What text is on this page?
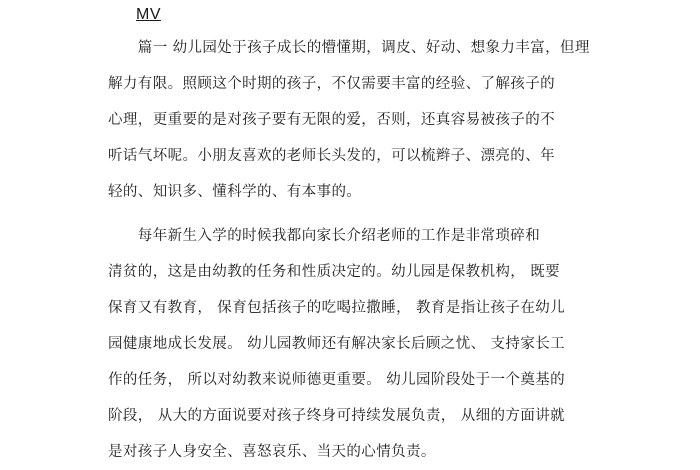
MV
　　篇一 幼儿园处于孩子成长的懵懂期，调皮、好动、想象力丰富，但理
解力有限。照顾这个时期的孩子，不仅需要丰富的经验、了解孩子的
心理，更重要的是对孩子要有无限的爱，否则，还真容易被孩子的不
听话气坏呢。小朋友喜欢的老师长头发的，可以梳辫子、漂亮的、年
轻的、知识多、懂科学的、有本事的。
　　每年新生入学的时候我都向家长介绍老师的工作是非常琐碎和
清贫的，这是由幼教的任务和性质决定的。幼儿园是保教机构， 既要
保育又有教育， 保育包括孩子的吃喝拉撒睡， 教育是指让孩子在幼儿
园健康地成长发展。 幼儿园教师还有解决家长后顾之忧、 支持家长工
作的任务， 所以对幼教来说师德更重要。 幼儿园阶段处于一个奠基的
阶段， 从大的方面说要对孩子终身可持续发展负责， 从细的方面讲就
是对孩子人身安全、喜怒哀乐、当天的心情负责。
